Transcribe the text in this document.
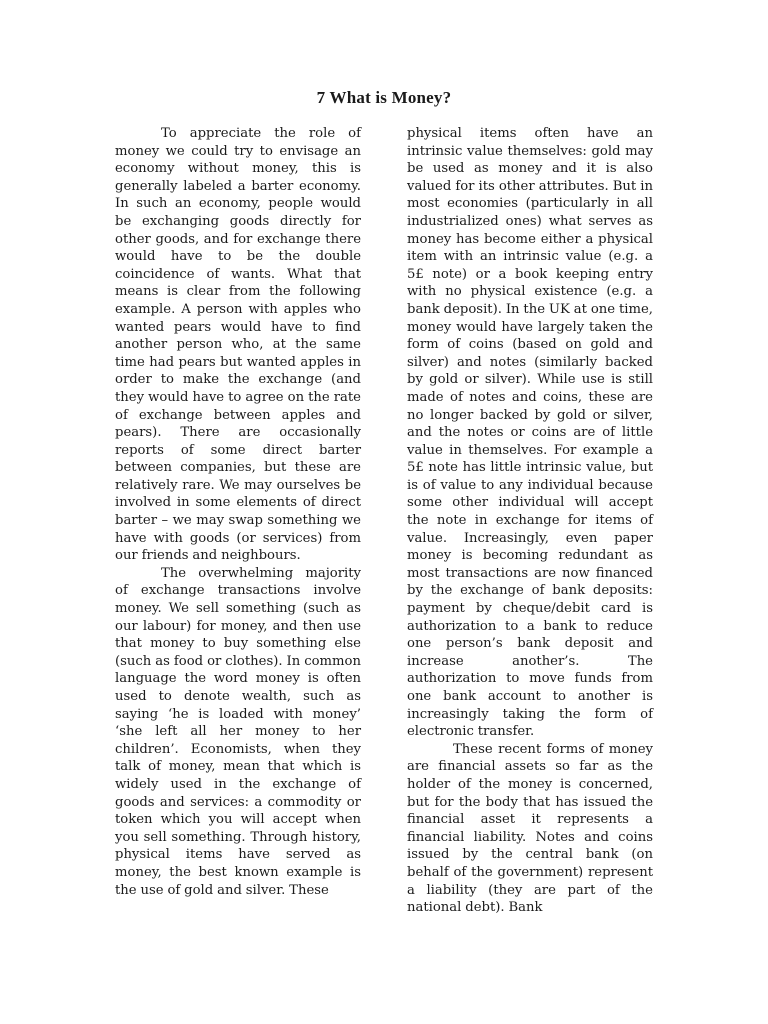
7 What is Money?

To appreciate the role of money we could try to envisage an economy without money, this is generally labeled a barter economy. In such an economy, people would be exchanging goods directly for other goods, and for exchange there would have to be the double coincidence of wants. What that means is clear from the following example. A person with apples who wanted pears would have to find another person who, at the same time had pears but wanted apples in order to make the exchange (and they would have to agree on the rate of exchange between apples and pears). There are occasionally reports of some direct barter between companies, but these are relatively rare. We may ourselves be involved in some elements of direct barter – we may swap something we have with goods (or services) from our friends and neighbours.

The overwhelming majority of exchange transactions involve money. We sell something (such as our labour) for money, and then use that money to buy something else (such as food or clothes). In common language the word money is often used to denote wealth, such as saying ‘he is loaded with money’ ‘she left all her money to her children’. Economists, when they talk of money, mean that which is widely used in the exchange of goods and services: a commodity or token which you will accept when you sell something. Through history, physical items have served as money, the best known example is the use of gold and silver. These

physical items often have an intrinsic value themselves: gold may be used as money and it is also valued for its other attributes. But in most economies (particularly in all industrialized ones) what serves as money has become either a physical item with an intrinsic value (e.g. a 5£ note) or a book keeping entry with no physical existence (e.g. a bank deposit). In the UK at one time, money would have largely taken the form of coins (based on gold and silver) and notes (similarly backed by gold or silver). While use is still made of notes and coins, these are no longer backed by gold or silver, and the notes or coins are of little value in themselves. For example a 5£ note has little intrinsic value, but is of value to any individual because some other individual will accept the note in exchange for items of value. Increasingly, even paper money is becoming redundant as most transactions are now financed by the exchange of bank deposits: payment by cheque/debit card is authorization to a bank to reduce one person’s bank deposit and increase another’s. The authorization to move funds from one bank account to another is increasingly taking the form of electronic transfer.

These recent forms of money are financial assets so far as the holder of the money is concerned, but for the body that has issued the financial asset it represents a financial liability. Notes and coins issued by the central bank (on behalf of the government) represent a liability (they are part of the national debt). Bank
